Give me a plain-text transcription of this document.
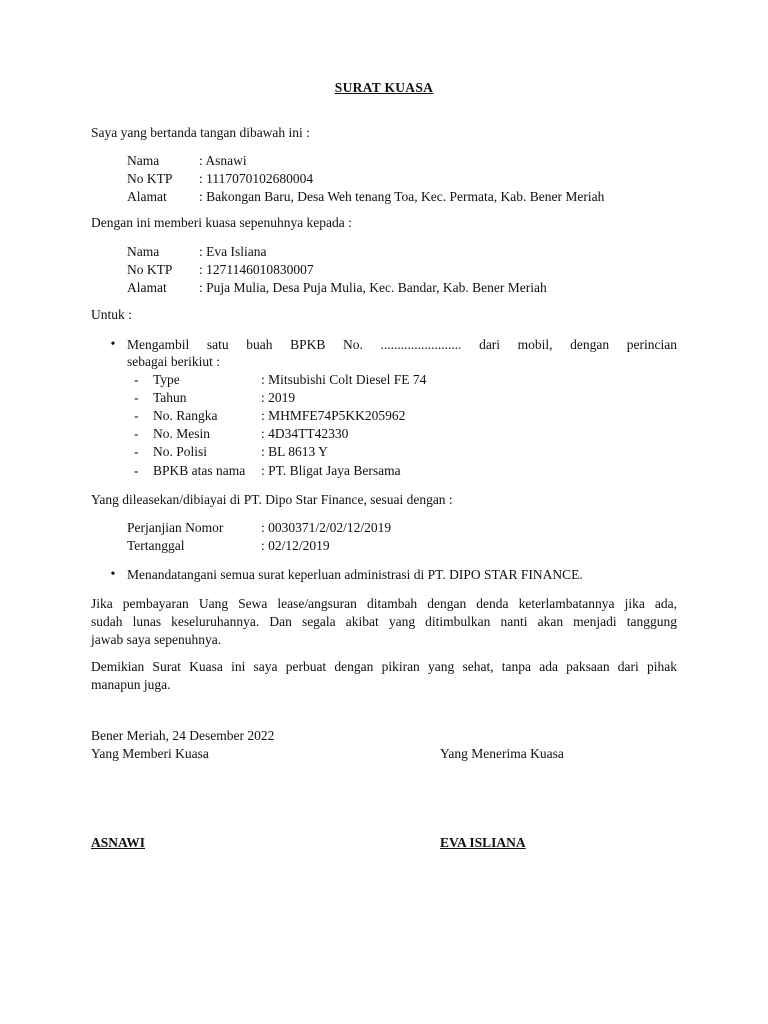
SURAT KUASA
Saya yang bertanda tangan dibawah ini :
Nama	: Asnawi
No KTP : 1117070102680004
Alamat : Bakongan Baru, Desa Weh tenang Toa, Kec. Permata, Kab. Bener Meriah
Dengan ini memberi kuasa sepenuhnya kepada :
Nama	: Eva Isliana
No KTP : 1271146010830007
Alamat : Puja Mulia, Desa Puja Mulia, Kec. Bandar, Kab. Bener Meriah
Untuk :
• Mengambil satu buah BPKB No. ........................ dari mobil, dengan perincian
sebagai berikiut :
- Type	: Mitsubishi Colt Diesel FE 74
- Tahun	: 2019
- No. Rangka	: MHMFE74P5KK205962
- No. Mesin	: 4D34TT42330
- No. Polisi	: BL 8613 Y
- BPKB atas nama : PT. Bligat Jaya Bersama
Yang dileasekan/dibiayai di PT. Dipo Star Finance, sesuai dengan :
Perjanjian Nomor	: 0030371/2/02/12/2019
Tertanggal	: 02/12/2019
• Menandatangani semua surat keperluan administrasi di PT. DIPO STAR FINANCE.
Jika pembayaran Uang Sewa lease/angsuran ditambah dengan denda keterlambatannya jika ada,
sudah lunas keseluruhannya. Dan segala akibat yang ditimbulkan nanti akan menjadi tanggung
jawab saya sepenuhnya.
Demikian Surat Kuasa ini saya perbuat dengan pikiran yang sehat, tanpa ada paksaan dari pihak
manapun juga.
Bener Meriah, 24 Desember 2022
Yang Memberi Kuasa	Yang Menerima Kuasa
ASNAWI	EVA ISLIANA
